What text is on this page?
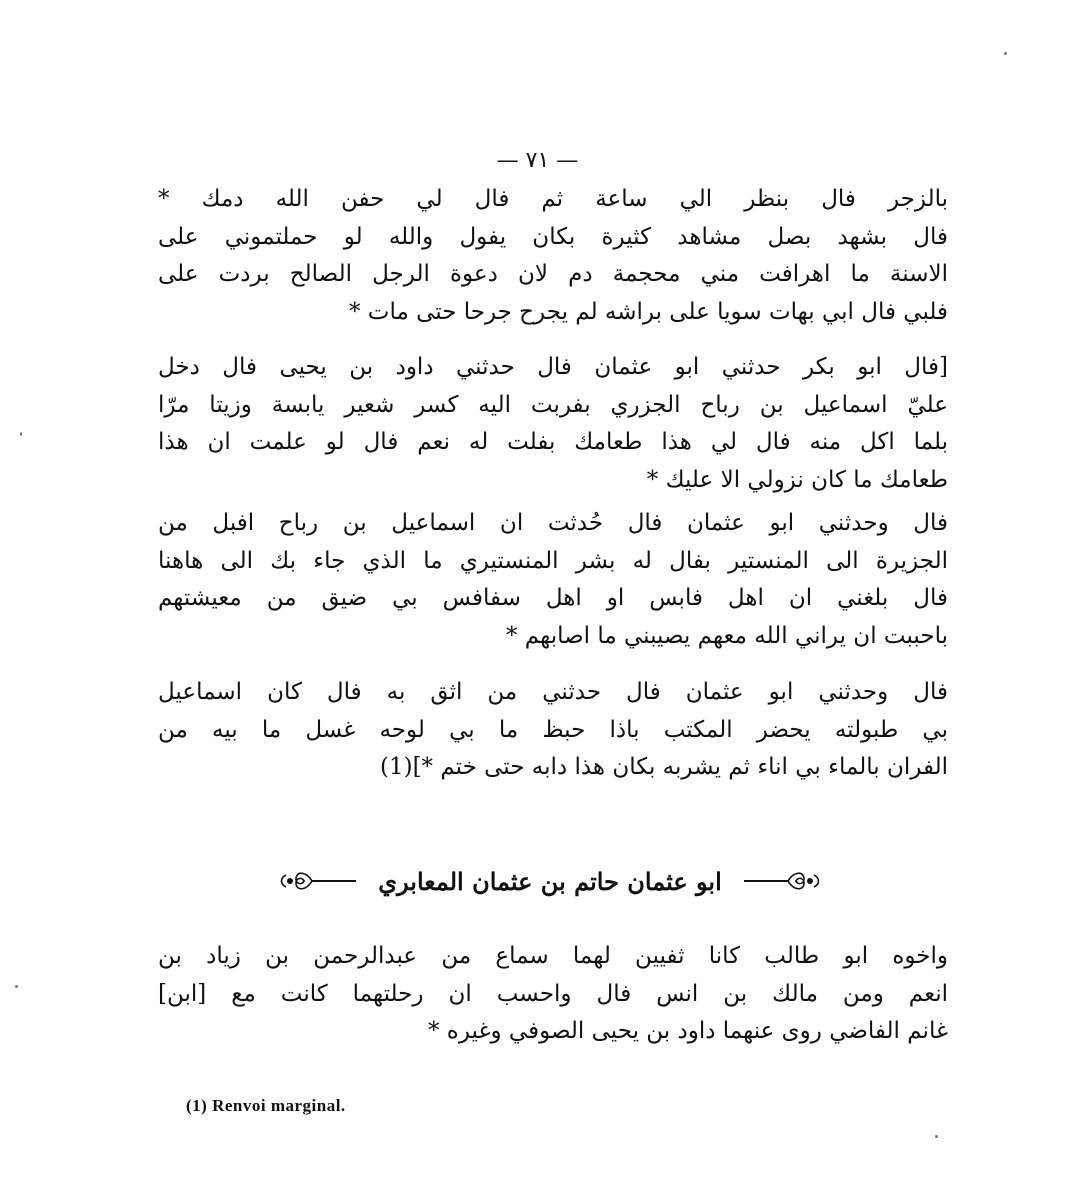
— ٧١ —
بالزجر فال بنظر الي ساعة ثم فال لي حفن الله دمك *
فال بشهد بصل مشاهد كثيرة بكان يفول والله لو حملتموني على
الاسنة ما اهرافت مني محجمة دم لان دعوة الرجل الصالح بردت على
فلبي فال ابي بهات سويا على براشه لم يجرح جرحا حتى مات *
[فال ابو بكر حدثني ابو عثمان فال حدثني داود بن يحيى فال دخل
عليّ اسماعيل بن رباح الجزري بفربت اليه كسر شعير يابسة وزيتا مرّا
بلما اكل منه فال لي هذا طعامك بفلت له نعم فال لو علمت ان هذا
طعامك ما كان نزولي الا عليك *
فال وحدثني ابو عثمان فال حُدثت ان اسماعيل بن رباح افبل من
الجزيرة الى المنستير بفال له بشر المنستيري ما الذي جاء بك الى هاهنا
فال بلغني ان اهل فابس او اهل سفافس بي ضيق من معيشتهم
باحببت ان يراني الله معهم يصيبني ما اصابهم *
فال وحدثني ابو عثمان فال حدثني من اثق به فال كان اسماعيل
بي طبولته يحضر المكتب باذا حبظ ما بي لوحه غسل ما بيه من
الفران بالماء بي اناء ثم يشربه بكان هذا دابه حتى ختم *](1)
ابو عثمان حاتم بن عثمان المعابري
واخوه ابو طالب كانا ثفيين لهما سماع من عبدالرحمن بن زياد بن
انعم ومن مالك بن انس فال واحسب ان رحلتهما كانت مع [ابن]
غانم الفاضي روى عنهما داود بن يحيى الصوفي وغيره *
(1) Renvoi marginal.
